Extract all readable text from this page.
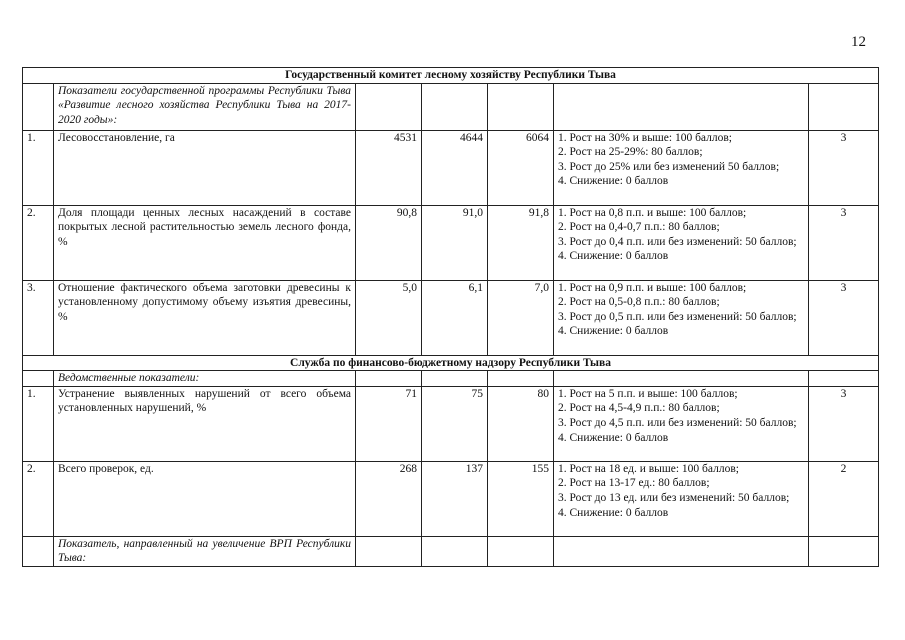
12
Государственный комитет лесному хозяйству Республики Тыва						
	Показатели государственной программы Республики Тыва «Развитие лесного хозяйства Республики Тыва на 2017-2020 годы»:					
1.	Лесовосстановление, га	4531	4644	6064	1. Рост на 30% и выше: 100 баллов;
2. Рост на 25-29%: 80 баллов;
3. Рост до 25% или без изменений 50 баллов;
4. Снижение: 0 баллов	3
2.	Доля площади ценных лесных насаждений в составе покрытых лесной растительностью земель лесного фонда, %	90,8	91,0	91,8	1. Рост на 0,8 п.п. и выше: 100 баллов;
2. Рост на 0,4-0,7 п.п.: 80 баллов;
3. Рост до 0,4 п.п. или без изменений: 50 баллов;
4. Снижение: 0 баллов	3
3.	Отношение фактического объема заготовки древесины к установленному допустимому объему изъятия древесины, %	5,0	6,1	7,0	1. Рост на 0,9 п.п. и выше: 100 баллов;
2. Рост на 0,5-0,8 п.п.: 80 баллов;
3. Рост до 0,5 п.п. или без изменений: 50 баллов;
4. Снижение: 0 баллов	3
Служба по финансово-бюджетному надзору Республики Тыва						
	Ведомственные показатели:					
1.	Устранение выявленных нарушений от всего объема установленных нарушений, %	71	75	80	1. Рост на 5 п.п. и выше: 100 баллов;
2. Рост на 4,5-4,9 п.п.: 80 баллов;
3. Рост до 4,5 п.п. или без изменений: 50 баллов;
4. Снижение: 0 баллов	3
2.	Всего проверок, ед.	268	137	155	1. Рост на 18 ед. и выше: 100 баллов;
2. Рост на 13-17 ед.: 80 баллов;
3. Рост до 13 ед. или без изменений: 50 баллов;
4. Снижение: 0 баллов	2
	Показатель, направленный на увеличение ВРП Республики Тыва:					
